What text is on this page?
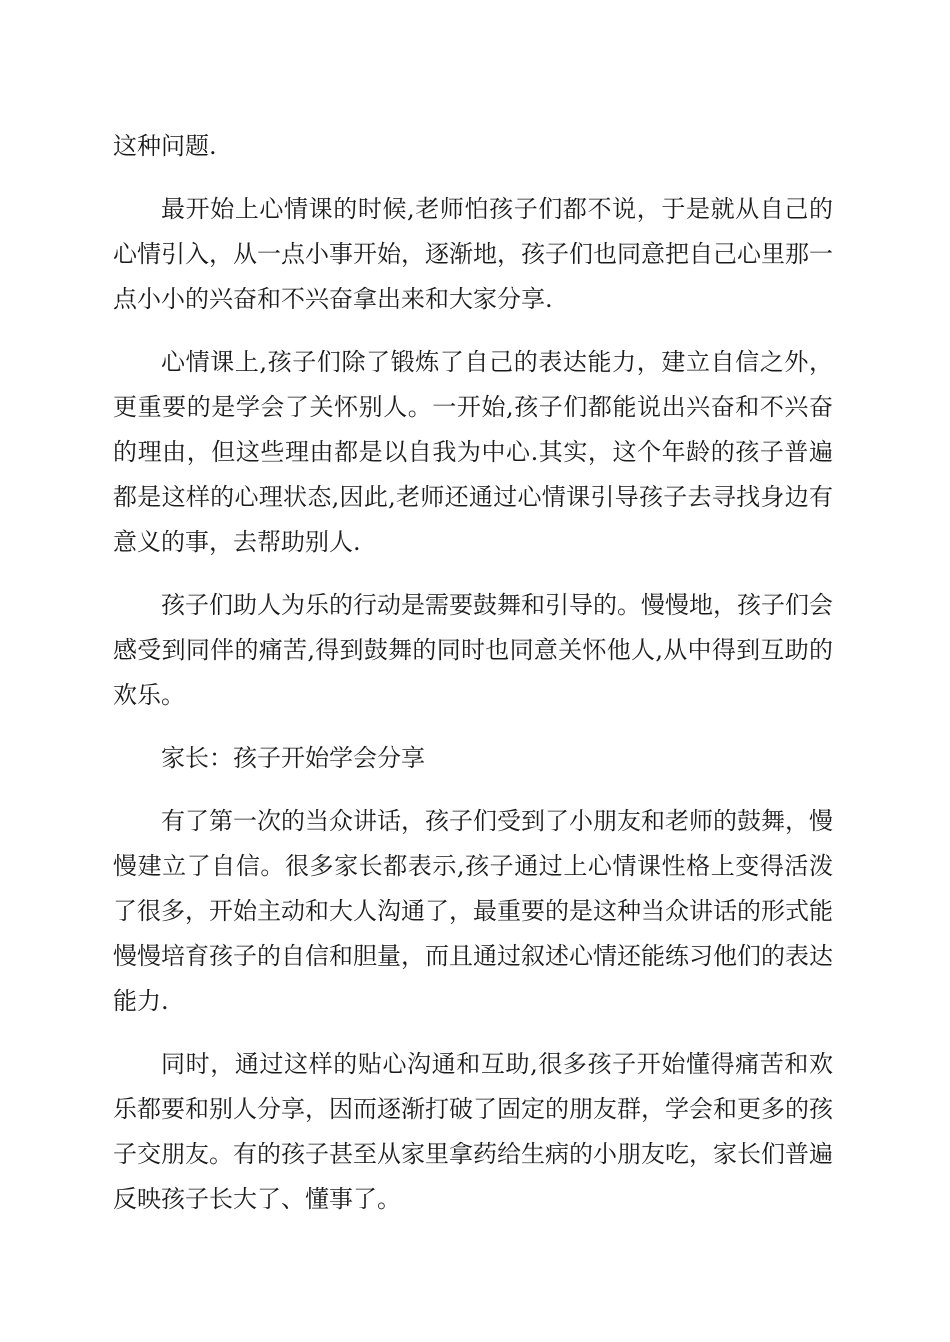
这种问题.

最开始上心情课的时候,老师怕孩子们都不说，于是就从自己的心情引入，从一点小事开始，逐渐地，孩子们也同意把自己心里那一点小小的兴奋和不兴奋拿出来和大家分享.

心情课上,孩子们除了锻炼了自己的表达能力，建立自信之外，更重要的是学会了关怀别人。一开始,孩子们都能说出兴奋和不兴奋的理由，但这些理由都是以自我为中心.其实，这个年龄的孩子普遍都是这样的心理状态,因此,老师还通过心情课引导孩子去寻找身边有意义的事，去帮助别人.

孩子们助人为乐的行动是需要鼓舞和引导的。慢慢地，孩子们会感受到同伴的痛苦,得到鼓舞的同时也同意关怀他人,从中得到互助的欢乐。

家长：孩子开始学会分享

有了第一次的当众讲话，孩子们受到了小朋友和老师的鼓舞，慢慢建立了自信。很多家长都表示,孩子通过上心情课性格上变得活泼了很多，开始主动和大人沟通了，最重要的是这种当众讲话的形式能慢慢培育孩子的自信和胆量，而且通过叙述心情还能练习他们的表达能力.

同时，通过这样的贴心沟通和互助,很多孩子开始懂得痛苦和欢乐都要和别人分享，因而逐渐打破了固定的朋友群，学会和更多的孩子交朋友。有的孩子甚至从家里拿药给生病的小朋友吃，家长们普遍反映孩子长大了、懂事了。
